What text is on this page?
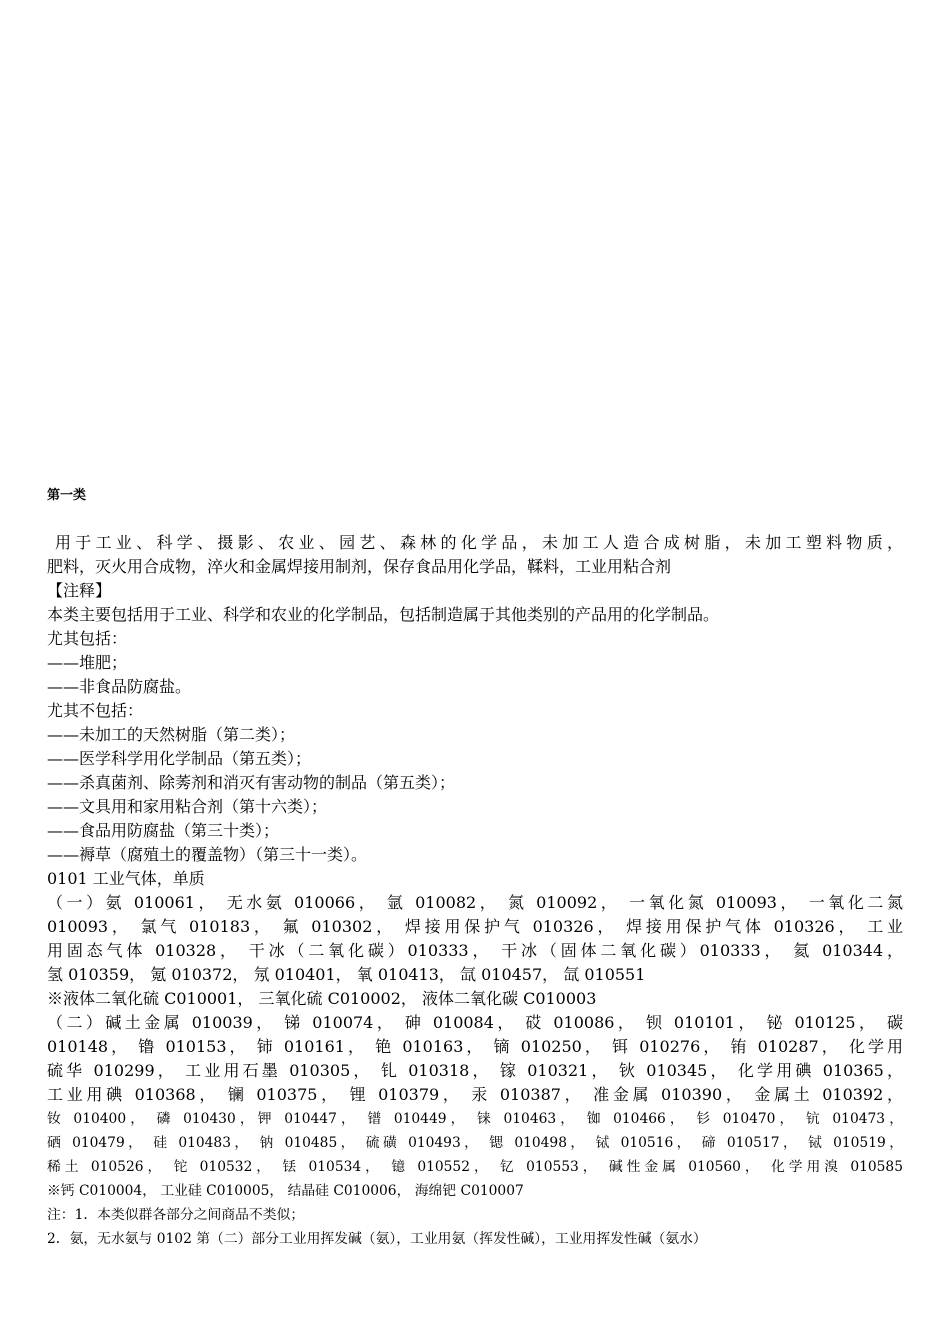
第一类
用于工业、科学、摄影、农业、园艺、森林的化学品，未加工人造合成树脂，未加工塑料物质，
肥料，灭火用合成物，淬火和金属焊接用制剂，保存食品用化学品，鞣料，工业用粘合剂
【注释】
本类主要包括用于工业、科学和农业的化学制品，包括制造属于其他类别的产品用的化学制品。
尤其包括：
——堆肥；
——非食品防腐盐。
尤其不包括：
——未加工的天然树脂（第二类）；
——医学科学用化学制品（第五类）；
——杀真菌剂、除莠剂和消灭有害动物的制品（第五类）；
——文具用和家用粘合剂（第十六类）；
——食品用防腐盐（第三十类）；
——褥草（腐殖土的覆盖物）（第三十一类）。
0101 工业气体，单质
（一）氨 010061， 无水氨 010066， 氩 010082， 氮 010092， 一氧化氮 010093， 一氧化二氮
010093， 氯气 010183， 氟 010302， 焊接用保护气 010326， 焊接用保护气体 010326， 工业
用固态气体 010328， 干冰（二氧化碳）010333， 干冰（固体二氧化碳）010333， 氦 010344，
氢 010359， 氪 010372， 氖 010401， 氧 010413， 氙 010457， 氙 010551
※液体二氧化硫 C010001， 三氧化硫 C010002， 液体二氧化碳 C010003
（二）碱土金属 010039， 锑 010074， 砷 010084， 砹 010086， 钡 010101， 铋 010125， 碳
010148， 镥 010153， 铈 010161， 铯 010163， 镝 010250， 铒 010276， 铕 010287， 化学用
硫华 010299， 工业用石墨 010305， 钆 010318， 镓 010321， 钬 010345， 化学用碘 010365，
工业用碘 010368， 镧 010375， 锂 010379， 汞 010387， 准金属 010390， 金属土 010392，
钕 010400， 磷 010430，钾 010447， 镨 010449， 铼 010463， 铷 010466， 钐 010470， 钪 010473，
硒 010479， 硅 010483， 钠 010485， 硫磺 010493， 锶 010498， 铽 010516， 碲 010517， 铽 010519，
稀土 010526， 铊 010532， 铥 010534， 镱 010552， 钇 010553， 碱性金属 010560， 化学用溴 010585
※钙 C010004， 工业硅 C010005， 结晶硅 C010006， 海绵钯 C010007
注：1．本类似群各部分之间商品不类似；
2．氨，无水氨与 0102 第（二）部分工业用挥发碱（氨），工业用氨（挥发性碱），工业用挥发性碱（氨水）
